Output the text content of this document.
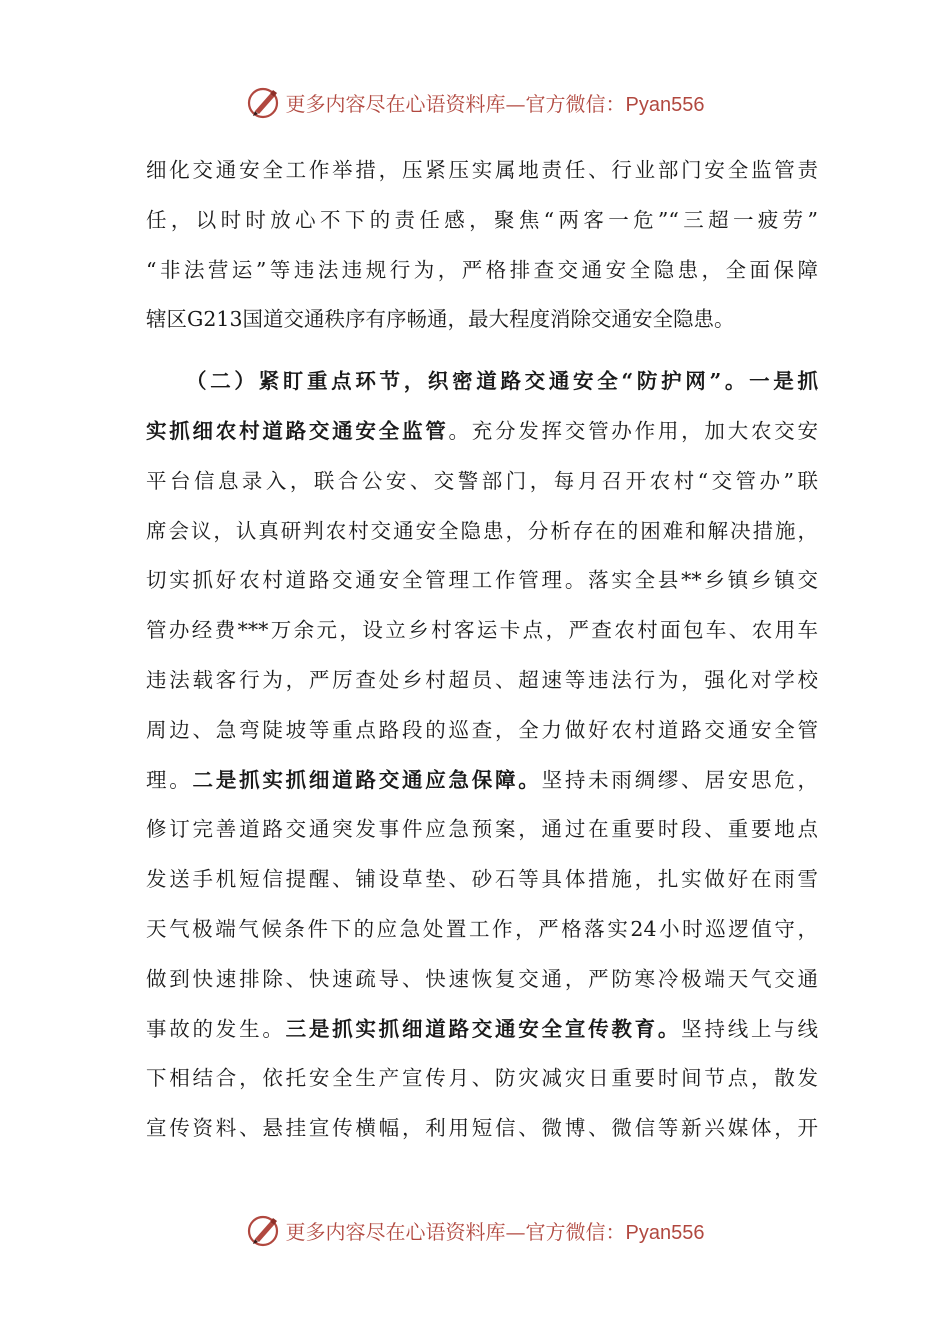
更多内容尽在心语资料库—官方微信：Pyan556
细化交通安全工作举措，压紧压实属地责任、行业部门安全监管责
任，以时时放心不下的责任感，聚焦“两客一危”“三超一疲劳”
“非法营运”等违法违规行为，严格排查交通安全隐患，全面保障
辖区G213国道交通秩序有序畅通，最大程度消除交通安全隐患。
（二）紧盯重点环节，织密道路交通安全“防护网”。一是抓
实抓细农村道路交通安全监管。充分发挥交管办作用，加大农交安
平台信息录入，联合公安、交警部门，每月召开农村“交管办”联
席会议，认真研判农村交通安全隐患，分析存在的困难和解决措施，
切实抓好农村道路交通安全管理工作管理。落实全县**乡镇乡镇交
管办经费***万余元，设立乡村客运卡点，严查农村面包车、农用车
违法载客行为，严厉查处乡村超员、超速等违法行为，强化对学校
周边、急弯陡坡等重点路段的巡查，全力做好农村道路交通安全管
理。二是抓实抓细道路交通应急保障。坚持未雨绸缪、居安思危，
修订完善道路交通突发事件应急预案，通过在重要时段、重要地点
发送手机短信提醒、铺设草垫、砂石等具体措施，扎实做好在雨雪
天气极端气候条件下的应急处置工作，严格落实24小时巡逻值守，
做到快速排除、快速疏导、快速恢复交通，严防寒冷极端天气交通
事故的发生。三是抓实抓细道路交通安全宣传教育。坚持线上与线
下相结合，依托安全生产宣传月、防灾减灾日重要时间节点，散发
宣传资料、悬挂宣传横幅，利用短信、微博、微信等新兴媒体，开
更多内容尽在心语资料库—官方微信：Pyan556
